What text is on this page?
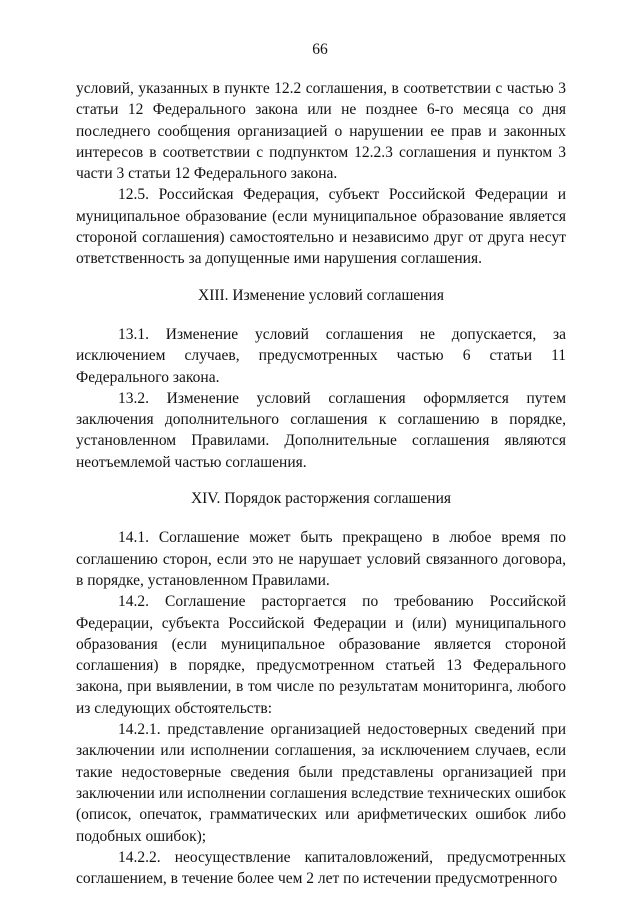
66

условий, указанных в пункте 12.2 соглашения, в соответствии с частью 3 статьи 12 Федерального закона или не позднее 6-го месяца со дня последнего сообщения организацией о нарушении ее прав и законных интересов в соответствии с подпунктом 12.2.3 соглашения и пунктом 3 части 3 статьи 12 Федерального закона.

12.5. Российская Федерация, субъект Российской Федерации и муниципальное образование (если муниципальное образование является стороной соглашения) самостоятельно и независимо друг от друга несут ответственность за допущенные ими нарушения соглашения.

XIII. Изменение условий соглашения

13.1. Изменение условий соглашения не допускается, за исключением случаев, предусмотренных частью 6 статьи 11 Федерального закона.

13.2. Изменение условий соглашения оформляется путем заключения дополнительного соглашения к соглашению в порядке, установленном Правилами. Дополнительные соглашения являются неотъемлемой частью соглашения.

XIV. Порядок расторжения соглашения

14.1. Соглашение может быть прекращено в любое время по соглашению сторон, если это не нарушает условий связанного договора, в порядке, установленном Правилами.

14.2. Соглашение расторгается по требованию Российской Федерации, субъекта Российской Федерации и (или) муниципального образования (если муниципальное образование является стороной соглашения) в порядке, предусмотренном статьей 13 Федерального закона, при выявлении, в том числе по результатам мониторинга, любого из следующих обстоятельств:

14.2.1. представление организацией недостоверных сведений при заключении или исполнении соглашения, за исключением случаев, если такие недостоверные сведения были представлены организацией при заключении или исполнении соглашения вследствие технических ошибок (описок, опечаток, грамматических или арифметических ошибок либо подобных ошибок);

14.2.2. неосуществление капиталовложений, предусмотренных соглашением, в течение более чем 2 лет по истечении предусмотренного
